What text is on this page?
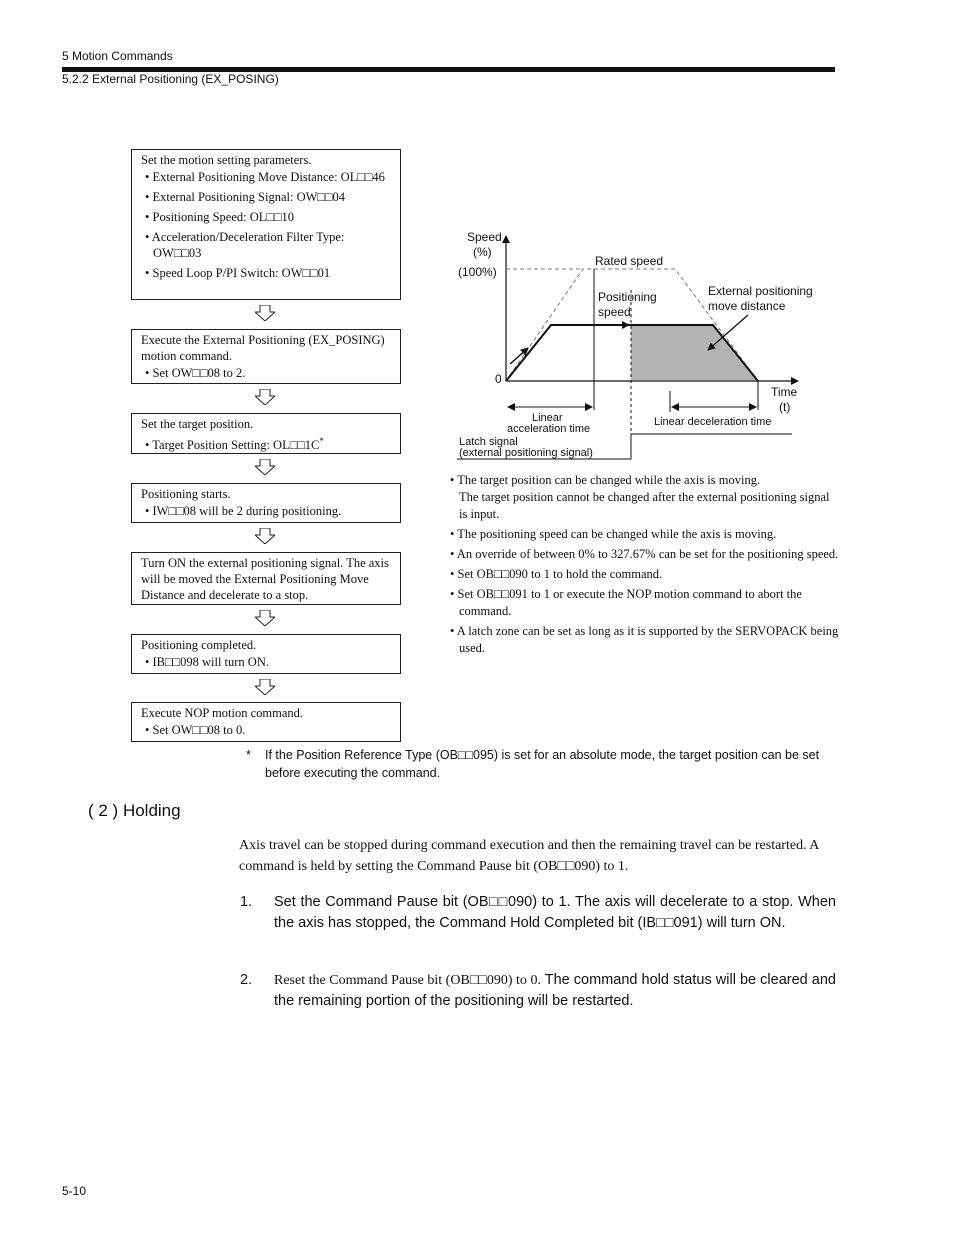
5 Motion Commands
5.2.2 External Positioning (EX_POSING)
Set the motion setting parameters.
• External Positioning Move Distance: OL□□46
• External Positioning Signal: OW□□04
• Positioning Speed: OL□□10
• Acceleration/Deceleration Filter Type: OW□□03
• Speed Loop P/PI Switch: OW□□01
Execute the External Positioning (EX_POSING) motion command.
• Set OW□□08 to 2.
Set the target position.
• Target Position Setting: OL□□1C*
Positioning starts.
• IW□□08 will be 2 during positioning.
Turn ON the external positioning signal. The axis will be moved the External Positioning Move Distance and decelerate to a stop.
Positioning completed.
• IB□□098 will turn ON.
Execute NOP motion command.
• Set OW□□08 to 0.
Speed
(%)
(100%)
0
Rated speed
Positioning
speed
External positioning
move distance
Time
(t)
Linear
acceleration time
Linear deceleration time
Latch signal
(external positioning signal)
• The target position can be changed while the axis is moving.
The target position cannot be changed after the external positioning signal is input.
• The positioning speed can be changed while the axis is moving.
• An override of between 0% to 327.67% can be set for the positioning speed.
• Set OB□□090 to 1 to hold the command.
• Set OB□□091 to 1 or execute the NOP motion command to abort the command.
• A latch zone can be set as long as it is supported by the SERVOPACK being used.
* If the Position Reference Type (OB□□095) is set for an absolute mode, the target position can be set before executing the command.
( 2 ) Holding
Axis travel can be stopped during command execution and then the remaining travel can be restarted. A command is held by setting the Command Pause bit (OB□□090) to 1.
1. Set the Command Pause bit (OB□□090) to 1. The axis will decelerate to a stop. When the axis has stopped, the Command Hold Completed bit (IB□□091) will turn ON.
2. Reset the Command Pause bit (OB□□090) to 0. The command hold status will be cleared and the remaining portion of the positioning will be restarted.
5-10
